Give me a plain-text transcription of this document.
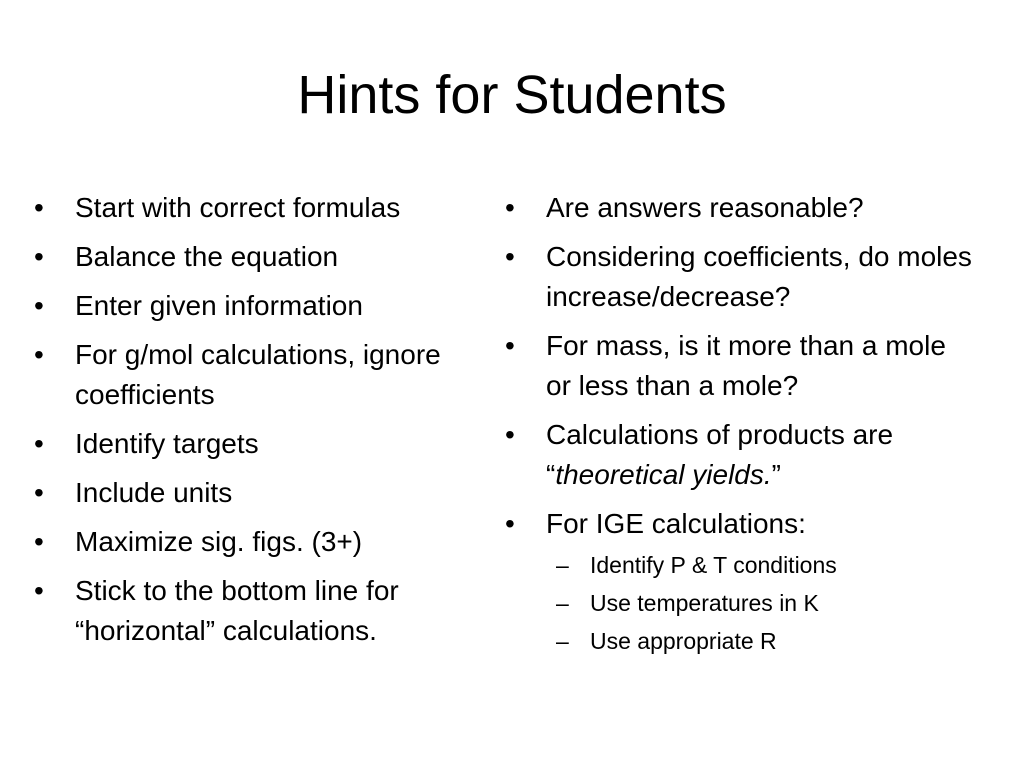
Hints for Students
•	Start with correct formulas
•	Balance the equation
•	Enter given information
•	For g/mol calculations, ignore coefficients
•	Identify targets
•	Include units
•	Maximize sig. figs. (3+)
•	Stick to the bottom line for “horizontal” calculations.
•	Are answers reasonable?
•	Considering coefficients, do moles increase/decrease?
•	For mass, is it more than a mole or less than a mole?
•	Calculations of products are “theoretical yields.”
•	For IGE calculations:
– Identify P & T conditions
– Use temperatures in K
– Use appropriate R
